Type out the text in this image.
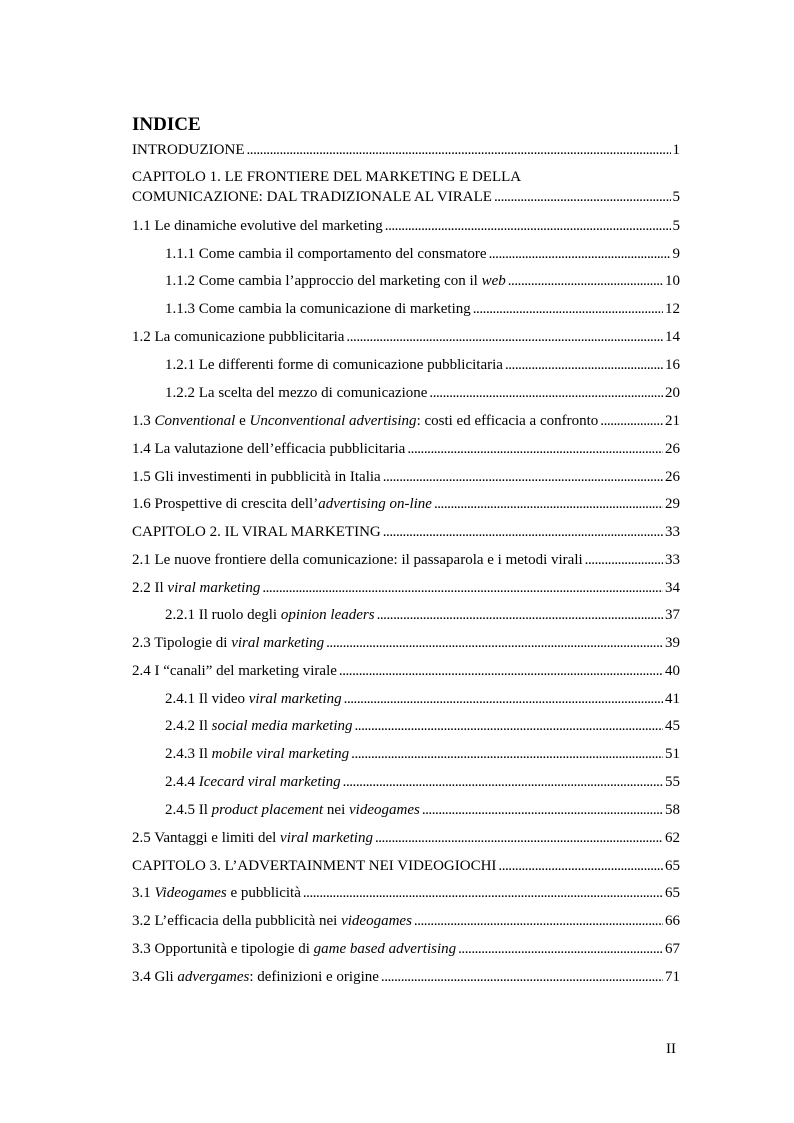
INDICE
INTRODUZIONE . . .	1
CAPITOLO 1. LE FRONTIERE DEL MARKETING E DELLA
COMUNICAZIONE: DAL TRADIZIONALE AL VIRALE . . .	5
1.1 Le dinamiche evolutive del marketing . . .	5
1.1.1 Come cambia il comportamento del consmatore . . .	9
1.1.2 Come cambia l’approccio del marketing con il web . . .	10
1.1.3 Come cambia la comunicazione di marketing . . .	12
1.2 La comunicazione pubblicitaria . . .	14
1.2.1 Le differenti forme di comunicazione pubblicitaria . . .	16
1.2.2 La scelta del mezzo di comunicazione . . .	20
1.3 Conventional e Unconventional advertising: costi ed efficacia a confronto . . .	21
1.4 La valutazione dell’efficacia pubblicitaria . . .	26
1.5 Gli investimenti in pubblicità in Italia . . .	26
1.6 Prospettive di crescita dell’advertising on-line . . .	29
CAPITOLO 2. IL VIRAL MARKETING . . .	33
2.1 Le nuove frontiere della comunicazione: il passaparola e i metodi virali . . .	33
2.2 Il viral marketing . . .	34
2.2.1 Il ruolo degli opinion leaders . . .	37
2.3 Tipologie di viral marketing . . .	39
2.4 I “canali” del marketing virale . . .	40
2.4.1 Il video viral marketing . . .	41
2.4.2 Il social media marketing . . .	45
2.4.3 Il mobile viral marketing . . .	51
2.4.4 Icecard viral marketing . . .	55
2.4.5 Il product placement nei videogames . . .	58
2.5 Vantaggi e limiti del viral marketing . . .	62
CAPITOLO 3. L’ADVERTAINMENT NEI VIDEOGIOCHI . . .	65
3.1 Videogames e pubblicità . . .	65
3.2 L’efficacia della pubblicità nei videogames . . .	66
3.3 Opportunità e tipologie di game based advertising . . .	67
3.4 Gli advergames: definizioni e origine . . .	71
II
